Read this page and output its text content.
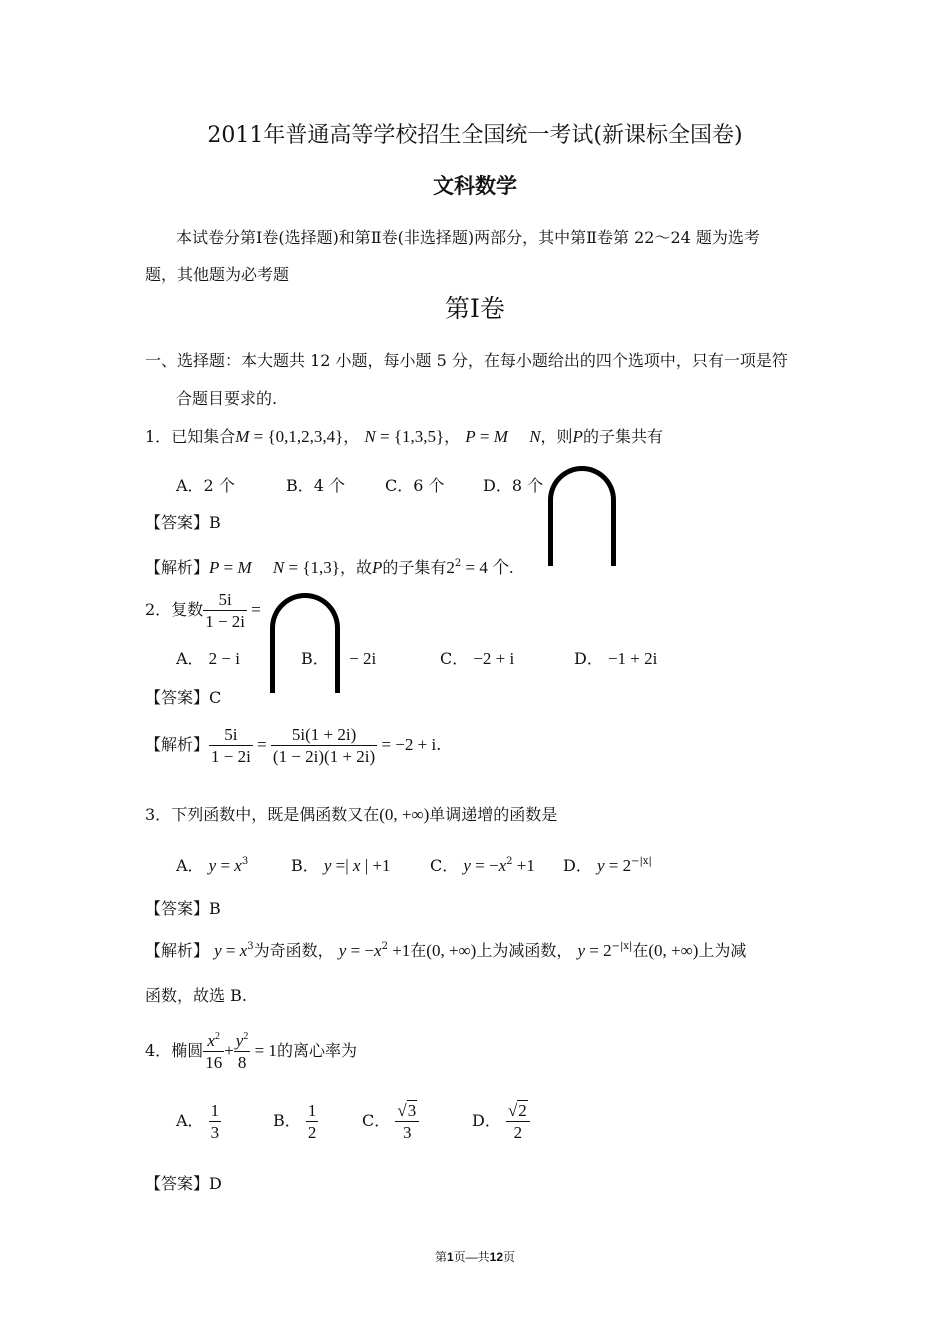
2011年普通高等学校招生全国统一考试(新课标全国卷)
文科数学
本试卷分第Ⅰ卷(选择题)和第Ⅱ卷(非选择题)两部分，其中第Ⅱ卷第 22～24 题为选考
题，其他题为必考题
第Ⅰ卷
一、选择题：本大题共 12 小题，每小题 5 分，在每小题给出的四个选项中，只有一项是符
合题目要求的.
1．已知集合M = {0,1,2,3,4}， N = {1,3,5}， P = M N，则P的子集共有
A．2 个	B．4 个 C．6 个 D．8 个
【答案】B
【解析】P = M N = {1,3}，故P的子集有$2^2 = 4$ 个.
2．复数 $\frac{5i}{1 - 2i}$ =
A． 2 − i	B． − 2i	C． −2 + i	D． −1 + 2i
【答案】C
【解析】 $\frac{5i}{1 - 2i} = \frac{5i(1 + 2i)}{(1 - 2i)(1 + 2i)} = -2 + i$.
3．下列函数中，既是偶函数又在(0, +∞)单调递增的函数是
A． $y = x^3$	B． y =| x | +1 C． $y = -x^2 +1$ D． $y = 2^{-|x|}$
【答案】B
【解析】 $y = x^3$为奇函数， $y = -x^2 +1$在(0, +∞)上为减函数， $y = 2^{-|x|}$在(0, +∞)上为减
函数，故选 B.
4．椭圆 $\frac{x^2}{16} + \frac{y^2}{8} = 1$的离心率为
A． $\frac{1}{3}$	B． $\frac{1}{2}$	C． $\frac{√3}{3}$	D． $\frac{√2}{2}$
【答案】D
第1页—共12页
